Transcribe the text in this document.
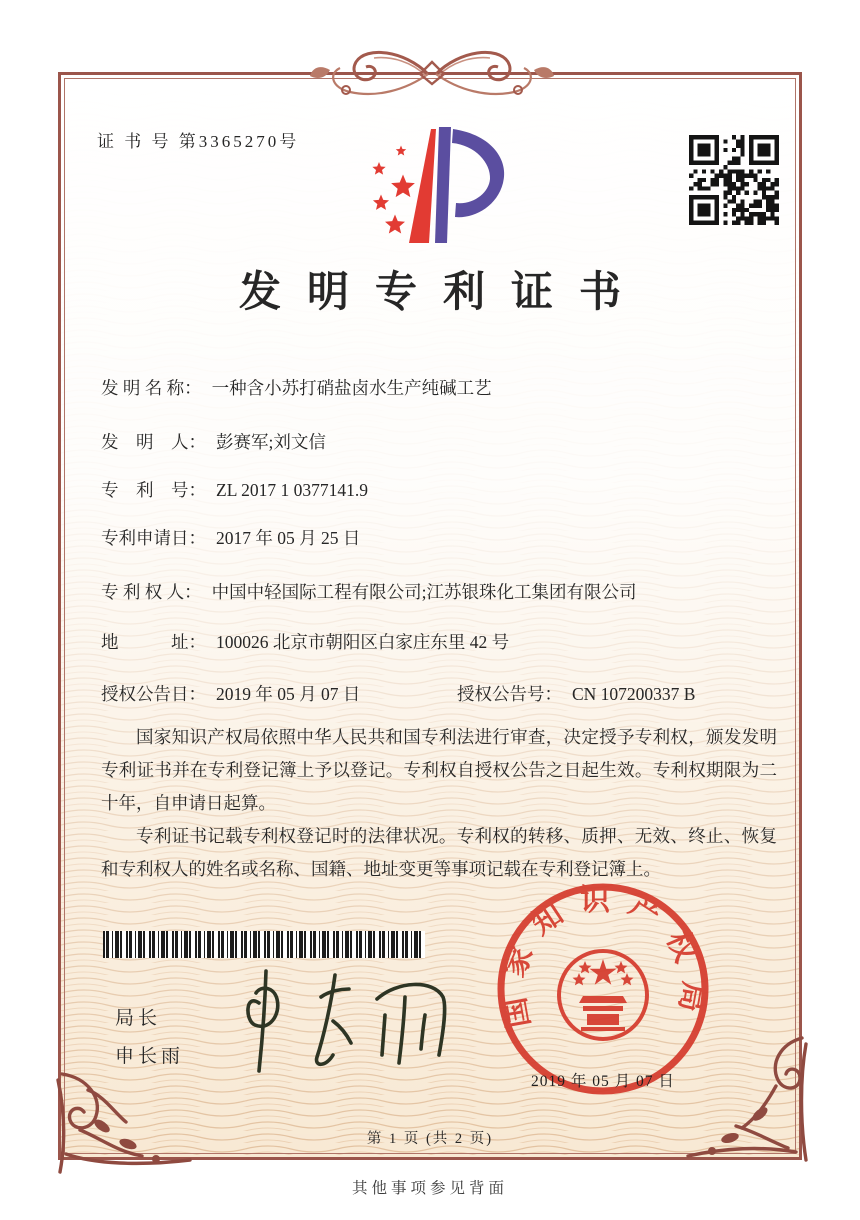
证 书 号 第3365270号
发明专利证书
发 明 名 称： 一种含小苏打硝盐卤水生产纯碱工艺
发　明　人： 彭赛军;刘文信
专　利　号： ZL 2017 1 0377141.9
专利申请日： 2017 年 05 月 25 日
专 利 权 人： 中国中轻国际工程有限公司;江苏银珠化工集团有限公司
地　　　址： 100026 北京市朝阳区白家庄东里 42 号
授权公告日： 2019 年 05 月 07 日	授权公告号： CN 107200337 B

国家知识产权局依照中华人民共和国专利法进行审查，决定授予专利权，颁发发明专利证书并在专利登记簿上予以登记。专利权自授权公告之日起生效。专利权期限为二十年，自申请日起算。

专利证书记载专利权登记时的法律状况。专利权的转移、质押、无效、终止、恢复和专利权人的姓名或名称、国籍、地址变更等事项记载在专利登记簿上。

局长
申长雨
国家知识产权局
2019 年 05 月 07 日
第 1 页 (共 2 页)
其他事项参见背面
